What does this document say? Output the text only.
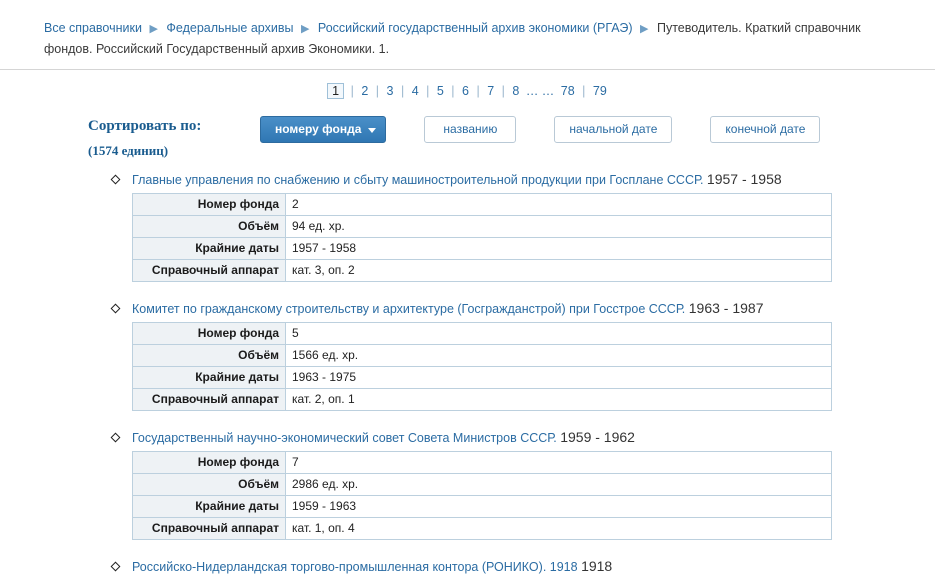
Все справочники ▶ Федеральные архивы ▶ Российский государственный архив экономики (РГАЭ) ▶ Путеводитель. Краткий справочник фондов. Российский Государственный архив Экономики. 1.
1 | 2 | 3 | 4 | 5 | 6 | 7 | 8 … … 78 | 79
Сортировать по:
(1574 единиц)
номеру фонда	названию	начальной дате	конечной дате
Главные управления по снабжению и сбыту машиностроительной продукции при Госплане СССР. 1957 - 1958
Номер фонда	2
Объём	94 ед. хр.
Крайние даты	1957 - 1958
Справочный аппарат	кат. 3, оп. 2
Комитет по гражданскому строительству и архитектуре (Госгражданстрой) при Госстрое СССР. 1963 - 1987
Номер фонда	5
Объём	1566 ед. хр.
Крайние даты	1963 - 1975
Справочный аппарат	кат. 2, оп. 1
Государственный научно-экономический совет Совета Министров СССР. 1959 - 1962
Номер фонда	7
Объём	2986 ед. хр.
Крайние даты	1959 - 1963
Справочный аппарат	кат. 1, оп. 4
Российско-Нидерландская торгово-промышленная контора (РОНИКО). 1918 1918
